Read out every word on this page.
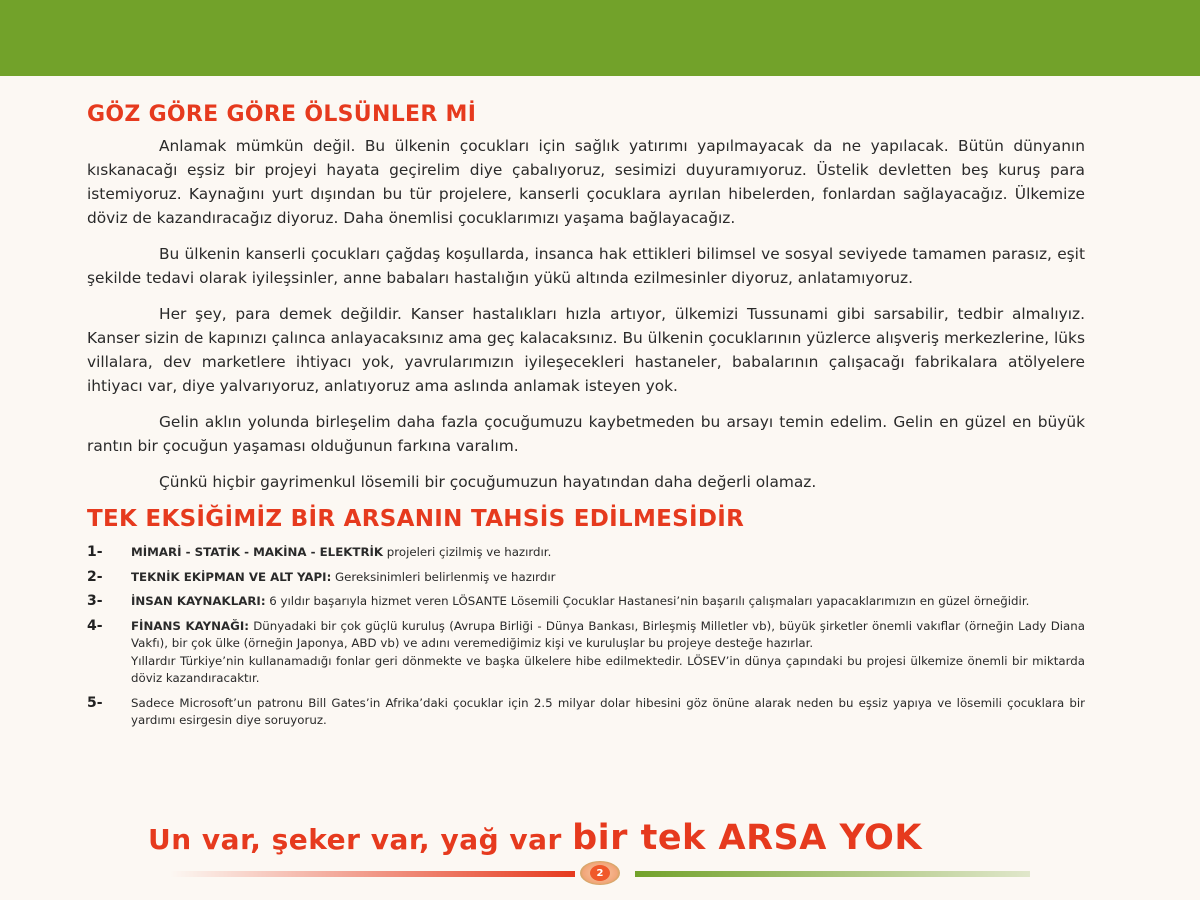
GÖZ GÖRE GÖRE ÖLSÜNLER Mİ

Anlamak mümkün değil. Bu ülkenin çocukları için sağlık yatırımı yapılmayacak da ne yapılacak. Bütün dünyanın kıskanacağı eşsiz bir projeyi hayata geçirelim diye çabalıyoruz, sesimizi duyuramıyoruz. Üstelik devletten beş kuruş para istemiyoruz. Kaynağını yurt dışından bu tür projelere, kanserli çocuklara ayrılan hibelerden, fonlardan sağlayacağız. Ülkemize döviz de kazandıracağız diyoruz. Daha önemlisi çocuklarımızı yaşama bağlayacağız.

Bu ülkenin kanserli çocukları çağdaş koşullarda, insanca hak ettikleri bilimsel ve sosyal seviyede tamamen parasız, eşit şekilde tedavi olarak iyileşsinler, anne babaları hastalığın yükü altında ezilmesinler diyoruz, anlatamıyoruz.

Her şey, para demek değildir. Kanser hastalıkları hızla artıyor, ülkemizi Tussunami gibi sarsabilir, tedbir almalıyız. Kanser sizin de kapınızı çalınca anlayacaksınız ama geç kalacaksınız. Bu ülkenin çocuklarının yüzlerce alışveriş merkezlerine, lüks villalara, dev marketlere ihtiyacı yok, yavrularımızın iyileşecekleri hastaneler, babalarının çalışacağı fabrikalara atölyelere ihtiyacı var, diye yalvarıyoruz, anlatıyoruz ama aslında anlamak isteyen yok.

Gelin aklın yolunda birleşelim daha fazla çocuğumuzu kaybetmeden bu arsayı temin edelim. Gelin en güzel en büyük rantın bir çocuğun yaşaması olduğunun farkına varalım.

Çünkü hiçbir gayrimenkul lösemili bir çocuğumuzun hayatından daha değerli olamaz.

TEK EKSİĞİMİZ BİR ARSANIN TAHSİS EDİLMESİDİR
1- MİMARİ - STATİK - MAKİNA - ELEKTRİK projeleri çizilmiş ve hazırdır.
2- TEKNİK EKİPMAN VE ALT YAPI: Gereksinimleri belirlenmiş ve hazırdır
3- İNSAN KAYNAKLARI: 6 yıldır başarıyla hizmet veren LÖSANTE Lösemili Çocuklar Hastanesi’nin başarılı çalışmaları yapacaklarımızın en güzel örneğidir.
4- FİNANS KAYNAĞI: Dünyadaki bir çok güçlü kuruluş (Avrupa Birliği - Dünya Bankası, Birleşmiş Milletler vb), büyük şirketler önemli vakıflar (örneğin Lady Diana Vakfı), bir çok ülke (örneğin Japonya, ABD vb) ve adını veremediğimiz kişi ve kuruluşlar bu projeye desteğe hazırlar.
Yıllardır Türkiye’nin kullanamadığı fonlar geri dönmekte ve başka ülkelere hibe edilmektedir. LÖSEV’in dünya çapındaki bu projesi ülkemize önemli bir miktarda döviz kazandıracaktır.
5- Sadece Microsoft’un patronu Bill Gates’in Afrika’daki çocuklar için 2.5 milyar dolar hibesini göz önüne alarak neden bu eşsiz yapıya ve lösemili çocuklara bir yardımı esirgesin diye soruyoruz.
Un var, şeker var, yağ var bir tek ARSA YOK
2
